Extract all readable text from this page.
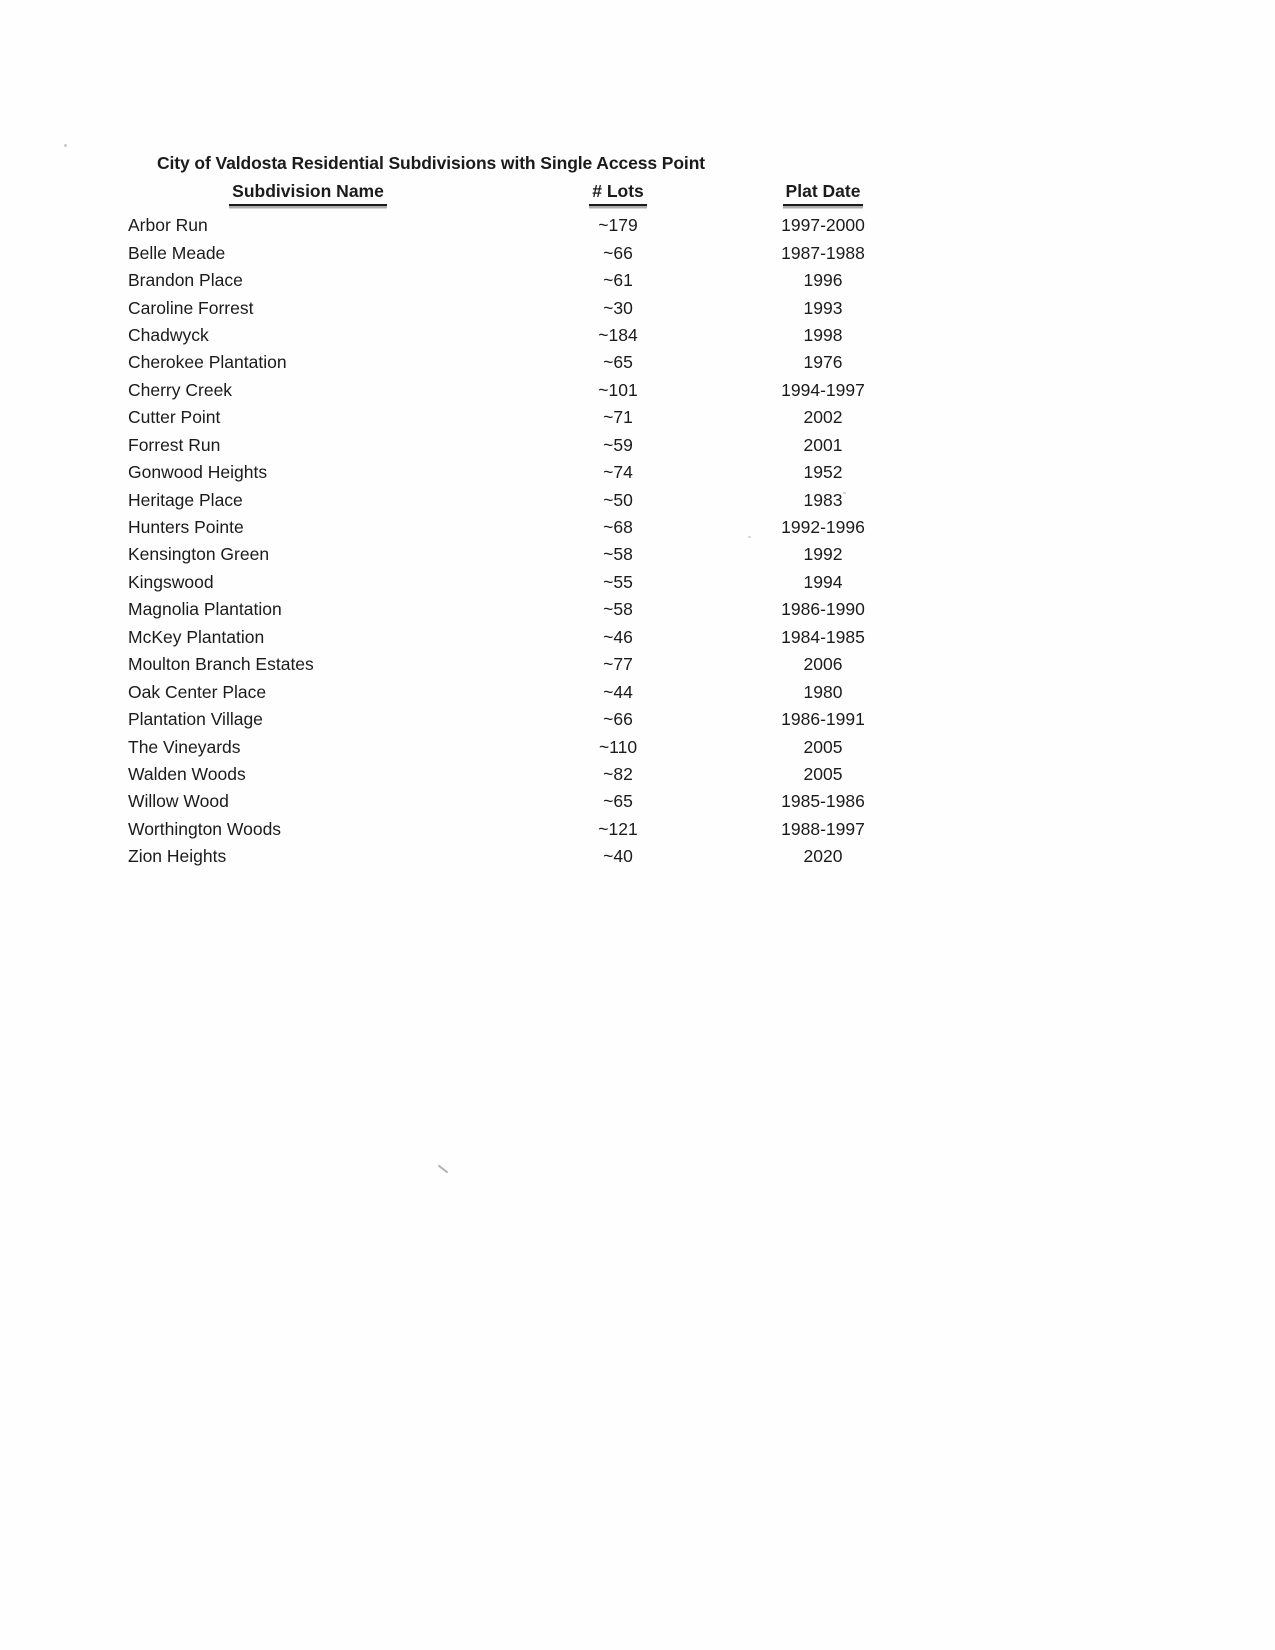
City of Valdosta Residential Subdivisions with Single Access Point
Subdivision Name	# Lots	Plat Date
Arbor Run	~179	1997-2000
Belle Meade	~66	1987-1988
Brandon Place	~61	1996
Caroline Forrest	~30	1993
Chadwyck	~184	1998
Cherokee Plantation	~65	1976
Cherry Creek	~101	1994-1997
Cutter Point	~71	2002
Forrest Run	~59	2001
Gonwood Heights	~74	1952
Heritage Place	~50	1983
Hunters Pointe	~68	1992-1996
Kensington Green	~58	1992
Kingswood	~55	1994
Magnolia Plantation	~58	1986-1990
McKey Plantation	~46	1984-1985
Moulton Branch Estates	~77	2006
Oak Center Place	~44	1980
Plantation Village	~66	1986-1991
The Vineyards	~110	2005
Walden Woods	~82	2005
Willow Wood	~65	1985-1986
Worthington Woods	~121	1988-1997
Zion Heights	~40	2020
